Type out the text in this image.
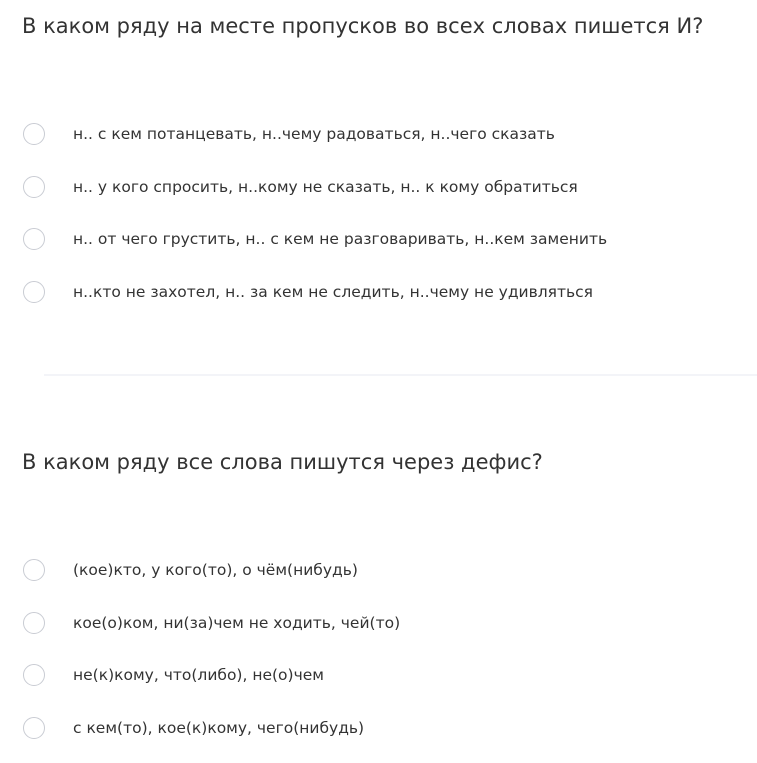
В каком ряду на месте пропусков во всех словах пишется И?
н.. с кем потанцевать, н..чему радоваться, н..чего сказать
н.. у кого спросить, н..кому не сказать, н.. к кому обратиться
н.. от чего грустить, н.. с кем не разговаривать, н..кем заменить
н..кто не захотел, н.. за кем не следить, н..чему не удивляться
В каком ряду все слова пишутся через дефис?
(кое)кто, у кого(то), о чём(нибудь)
кое(о)ком, ни(за)чем не ходить, чей(то)
не(к)кому, что(либо), не(о)чем
с кем(то), кое(к)кому, чего(нибудь)
